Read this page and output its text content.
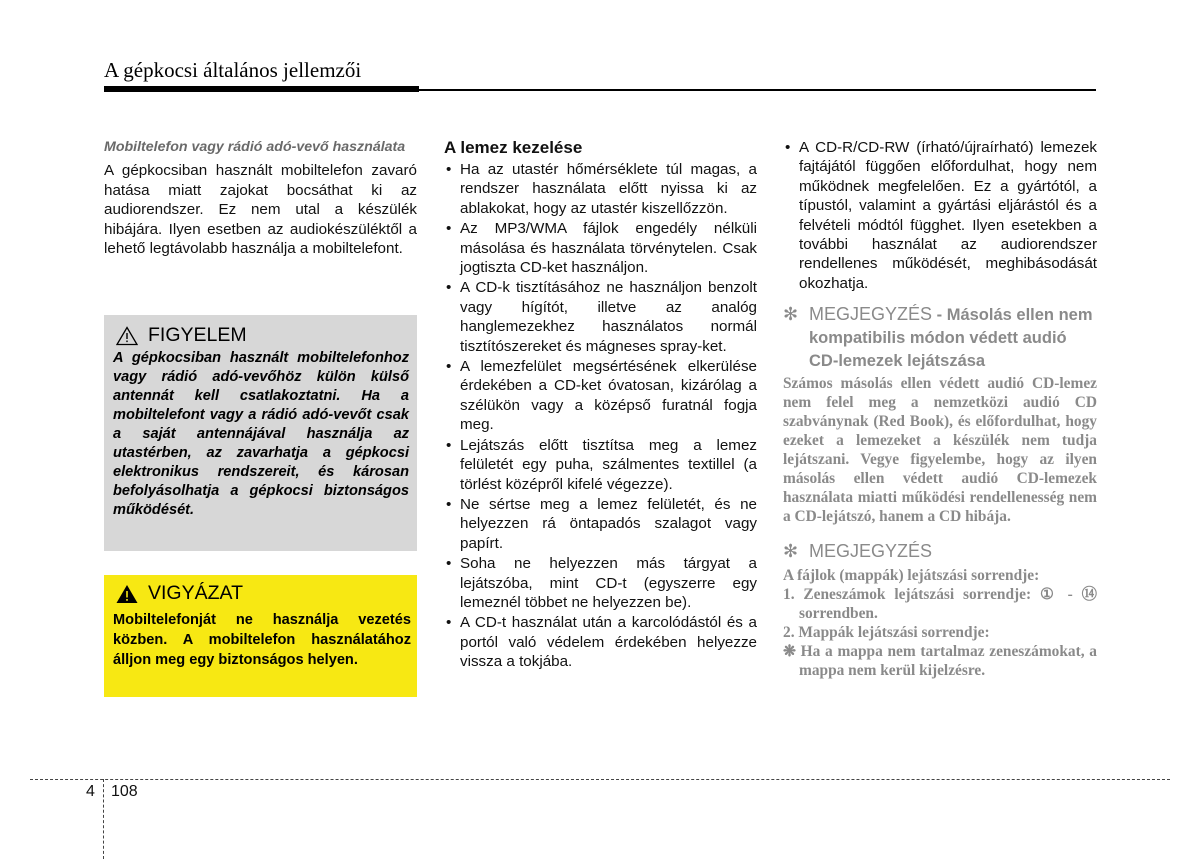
A gépkocsi általános jellemzői
Mobiltelefon vagy rádió adó-vevő használata
A gépkocsiban használt mobiltelefon zavaró hatása miatt zajokat bocsáthat ki az audiorendszer. Ez nem utal a készülék hibájára. Ilyen esetben az audiokészüléktől a lehető legtávolabb használja a mobiltelefont.
FIGYELEM
A gépkocsiban használt mobiltelefonhoz vagy rádió adó-vevőhöz külön külső antennát kell csatlakoztatni. Ha a mobiltelefont vagy a rádió adó-vevőt csak a saját antennájával használja az utastérben, az zavarhatja a gépkocsi elektronikus rendszereit, és károsan befolyásolhatja a gépkocsi biztonságos működését.
VIGYÁZAT
Mobiltelefonját ne használja vezetés közben. A mobiltelefon használatához álljon meg egy biztonságos helyen.
A lemez kezelése
• Ha az utastér hőmérséklete túl magas, a rendszer használata előtt nyissa ki az ablakokat, hogy az utastér kiszellőzzön.
• Az MP3/WMA fájlok engedély nélküli másolása és használata törvénytelen. Csak jogtiszta CD-ket használjon.
• A CD-k tisztításához ne használjon benzolt vagy hígítót, illetve az analóg hanglemezekhez használatos normál tisztítószereket és mágneses spray-ket.
• A lemezfelület megsértésének elkerülése érdekében a CD-ket óvatosan, kizárólag a szélükön vagy a középső furatnál fogja meg.
• Lejátszás előtt tisztítsa meg a lemez felületét egy puha, szálmentes textillel (a törlést középről kifelé végezze).
• Ne sértse meg a lemez felületét, és ne helyezzen rá öntapadós szalagot vagy papírt.
• Soha ne helyezzen más tárgyat a lejátszóba, mint CD-t (egyszerre egy lemeznél többet ne helyezzen be).
• A CD-t használat után a karcolódástól és a portól való védelem érdekében helyezze vissza a tokjába.
• A CD-R/CD-RW (írható/újraírható) lemezek fajtájától függően előfordulhat, hogy nem működnek megfelelően. Ez a gyártótól, a típustól, valamint a gyártási eljárástól és a felvételi módtól függhet. Ilyen esetekben a további használat az audiorendszer rendellenes működését, meghibásodását okozhatja.
✻ MEGJEGYZÉS - Másolás ellen nem kompatibilis módon védett audió CD-lemezek lejátszása
Számos másolás ellen védett audió CD-lemez nem felel meg a nemzetközi audió CD szabványnak (Red Book), és előfordulhat, hogy ezeket a lemezeket a készülék nem tudja lejátszani. Vegye figyelembe, hogy az ilyen másolás ellen védett audió CD-lemezek használata miatti működési rendellenesség nem a CD-lejátszó, hanem a CD hibája.
✻ MEGJEGYZÉS
A fájlok (mappák) lejátszási sorrendje:
1. Zeneszámok lejátszási sorrendje: ① - ⑭ sorrendben.
2. Mappák lejátszási sorrendje:
❋ Ha a mappa nem tartalmaz zeneszámokat, a mappa nem kerül kijelzésre.
4 108
